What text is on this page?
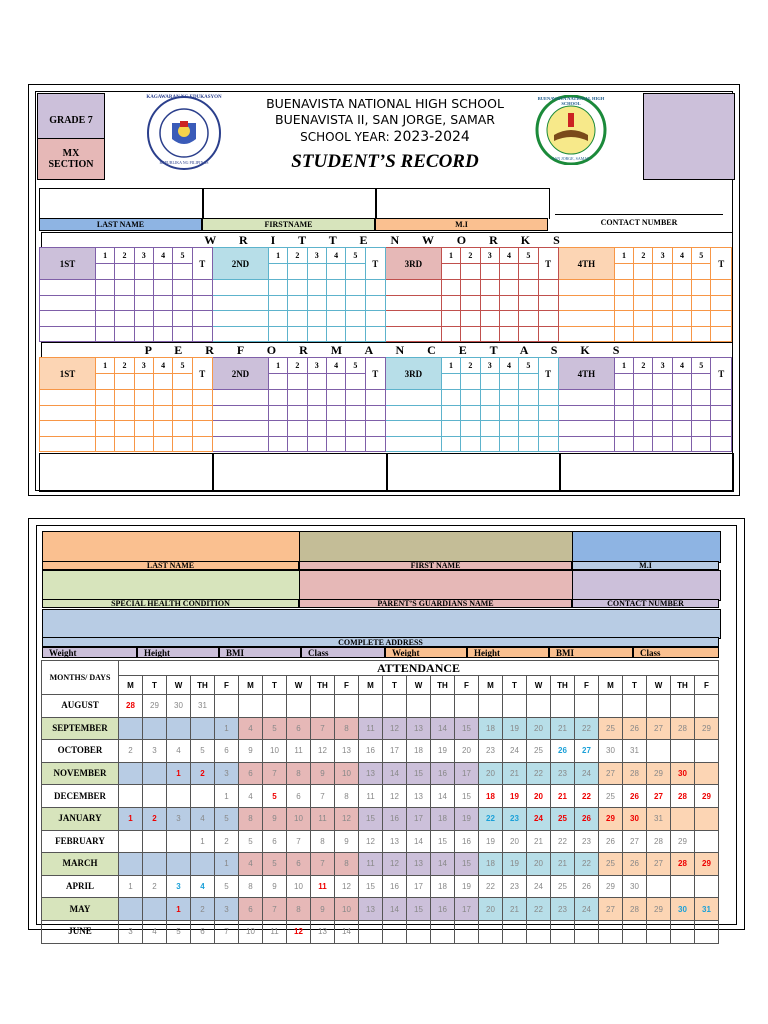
GRADE 7
MX SECTION
KAGAWARAN NG EDUKASYON
REPUBLIKA NG PILIPINAS
BUENAVISTA NATIONAL HIGH SCHOOL
SAN JORGE, SAMAR
BUENAVISTA NATIONAL HIGH SCHOOL
BUENAVISTA II, SAN JORGE, SAMAR
SCHOOL YEAR: 2023-2024
STUDENT’S RECORD
LAST NAME	FIRSTNAME	M.I	CONTACT NUMBER
W R I T T E N W O R K S
1ST	1	2	3	4	5	T	2ND	1	2	3	4	5	T	3RD	1	2	3	4	5	T	4TH	1	2	3	4	5	T

P E R F O R M A N C E T A S K S
1ST	1	2	3	4	5	T	2ND	1	2	3	4	5	T	3RD	1	2	3	4	5	T	4TH	1	2	3	4	5	T

LAST NAME	FIRST NAME	M.I
SPECIAL HEALTH CONDITION	PARENT’S GUARDIANS NAME	CONTACT NUMBER
COMPLETE ADDRESS
Weight	Height	BMI	Class	Weight	Height	BMI	Class
MONTHS/ DAYS	ATTENDANCE																								
	M	T	W	TH	F	M	T	W	TH	F	M	T	W	TH	F	M	T	W	TH	F	M	T	W	TH	F
AUGUST	28	29	30	31																					
SEPTEMBER					1	4	5	6	7	8	11	12	13	14	15	18	19	20	21	22	25	26	27	28	29
OCTOBER	2	3	4	5	6	9	10	11	12	13	16	17	18	19	20	23	24	25	26	27	30	31			
NOVEMBER			1	2	3	6	7	8	9	10	13	14	15	16	17	20	21	22	23	24	27	28	29	30	
DECEMBER					1	4	5	6	7	8	11	12	13	14	15	18	19	20	21	22	25	26	27	28	29
JANUARY	1	2	3	4	5	8	9	10	11	12	15	16	17	18	19	22	23	24	25	26	29	30	31		
FEBRUARY				1	2	5	6	7	8	9	12	13	14	15	16	19	20	21	22	23	26	27	28	29	
MARCH					1	4	5	6	7	8	11	12	13	14	15	18	19	20	21	22	25	26	27	28	29
APRIL	1	2	3	4	5	8	9	10	11	12	15	16	17	18	19	22	23	24	25	26	29	30			
MAY			1	2	3	6	7	8	9	10	13	14	15	16	17	20	21	22	23	24	27	28	29	30	31
JUNE	3	4	5	6	7	10	11	12	13	14															
